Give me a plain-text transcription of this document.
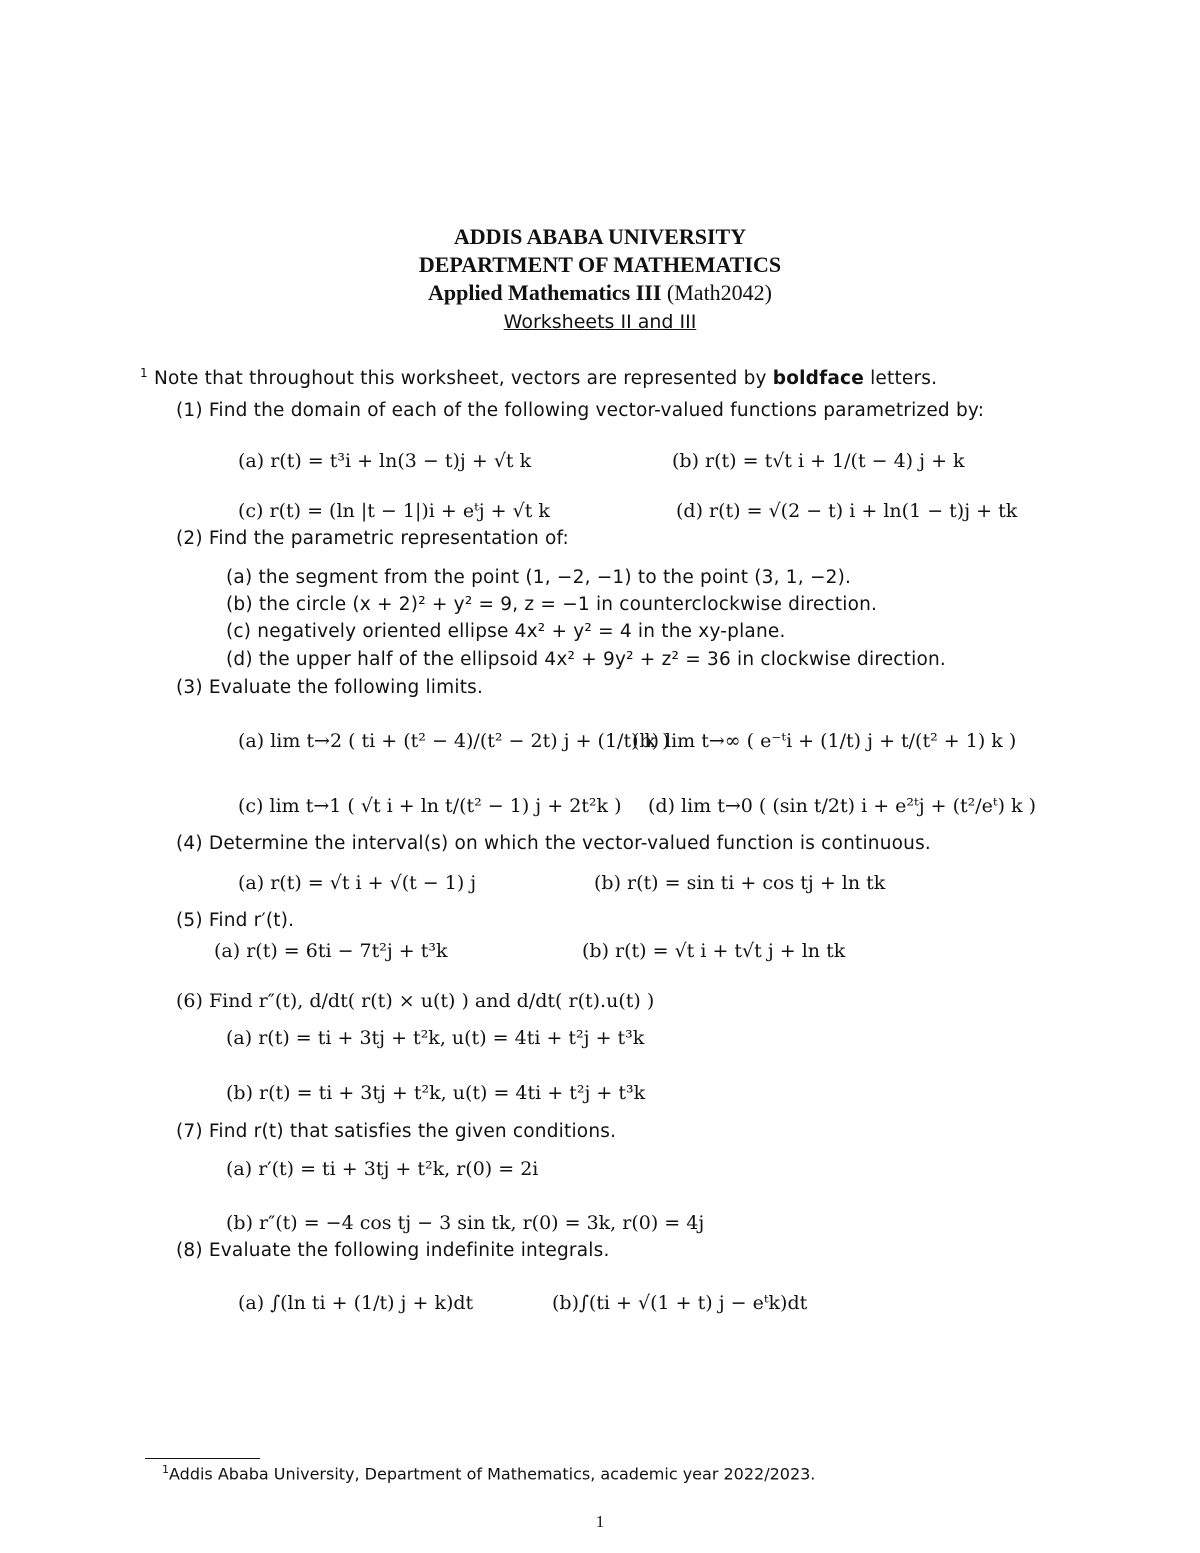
ADDIS ABABA UNIVERSITY
DEPARTMENT OF MATHEMATICS
Applied Mathematics III (Math2042)
Worksheets II and III
$^1$ Note that throughout this worksheet, vectors are represented by boldface letters.
(1) Find the domain of each of the following vector-valued functions parametrized by:
(a) r(t) = t³i + ln(3 − t)j + √t k	(b) r(t) = t√t i + 1/(t − 4) j + k
(c) r(t) = (ln |t − 1|)i + eᵗj + √t k	(d) r(t) = √(2 − t) i + ln(1 − t)j + tk
(2) Find the parametric representation of:
(a) the segment from the point (1, −2, −1) to the point (3, 1, −2).
(b) the circle (x + 2)² + y² = 9, z = −1 in counterclockwise direction.
(c) negatively oriented ellipse 4x² + y² = 4 in the xy-plane.
(d) the upper half of the ellipsoid 4x² + 9y² + z² = 36 in clockwise direction.
(3) Evaluate the following limits.
(a) lim t→2 ( ti + (t² − 4)/(t² − 2t) j + (1/t) k )
(b) lim t→∞ ( e⁻ᵗi + (1/t) j + t/(t² + 1) k )
(c) lim t→1 ( √t i + ln t/(t² − 1) j + 2t²k ) (d) lim t→0 ( (sin t/2t) i + e²ᵗj + (t²/eᵗ) k )
(4) Determine the interval(s) on which the vector-valued function is continuous.
(a) r(t) = √t i + √(t − 1) j	(b) r(t) = sin ti + cos tj + ln tk
(5) Find r′(t).
(a) r(t) = 6ti − 7t²j + t³k	(b) r(t) = √t i + t√t j + ln tk
(6) Find r″(t), d/dt( r(t) × u(t) ) and d/dt( r(t).u(t) )
(a) r(t) = ti + 3tj + t²k, u(t) = 4ti + t²j + t³k
(b) r(t) = ti + 3tj + t²k, u(t) = 4ti + t²j + t³k
(7) Find r(t) that satisfies the given conditions.
(a) r′(t) = ti + 3tj + t²k, r(0) = 2i
(b) r″(t) = −4 cos tj − 3 sin tk, r(0) = 3k, r(0) = 4j
(8) Evaluate the following indefinite integrals.
(a) ∫(ln ti + (1/t) j + k)dt	(b)∫(ti + √(1 + t) j − eᵗk)dt
$^1$Addis Ababa University, Department of Mathematics, academic year 2022/2023.
1
